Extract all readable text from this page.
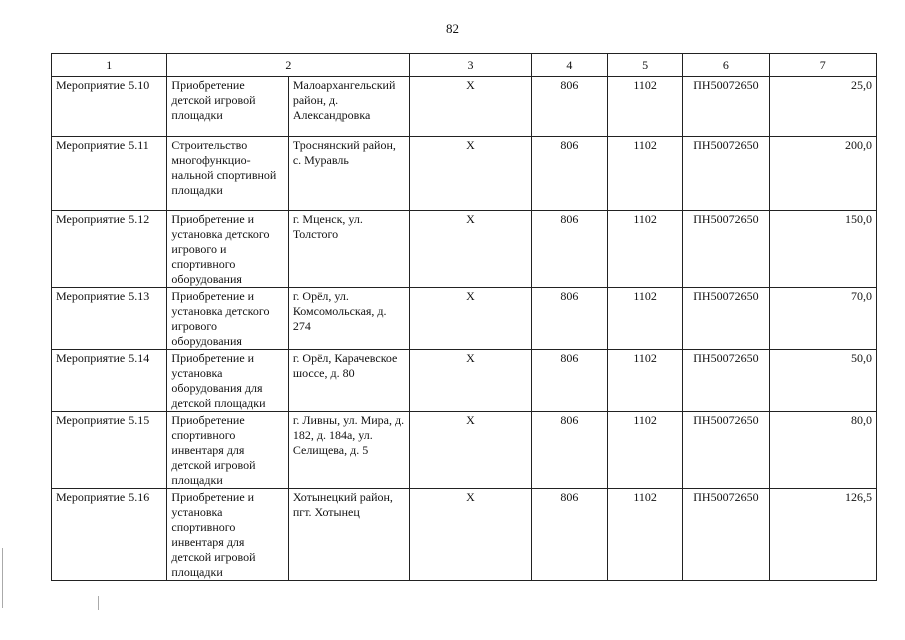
82
1	2		3	4	5	6	7
Мероприятие 5.10	Приобретение детской игровой площадки	Малоархангельский район, д. Александровка	Х	806	1102	ПН50072650	25,0
Мероприятие 5.11	Строительство многофункцио-нальной спортивной площадки	Троснянский район, с. Муравль	Х	806	1102	ПН50072650	200,0
Мероприятие 5.12	Приобретение и установка детского игрового и спортивного оборудования	г. Мценск, ул. Толстого	Х	806	1102	ПН50072650	150,0
Мероприятие 5.13	Приобретение и установка детского игрового оборудования	г. Орёл, ул. Комсомольская, д. 274	Х	806	1102	ПН50072650	70,0
Мероприятие 5.14	Приобретение и установка оборудования для детской площадки	г. Орёл, Карачевское шоссе, д. 80	Х	806	1102	ПН50072650	50,0
Мероприятие 5.15	Приобретение спортивного инвентаря для детской игровой площадки	г. Ливны, ул. Мира, д. 182, д. 184а, ул. Селищева, д. 5	Х	806	1102	ПН50072650	80,0
Мероприятие 5.16	Приобретение и установка спортивного инвентаря для детской игровой площадки	Хотынецкий район, пгт. Хотынец	Х	806	1102	ПН50072650	126,5
